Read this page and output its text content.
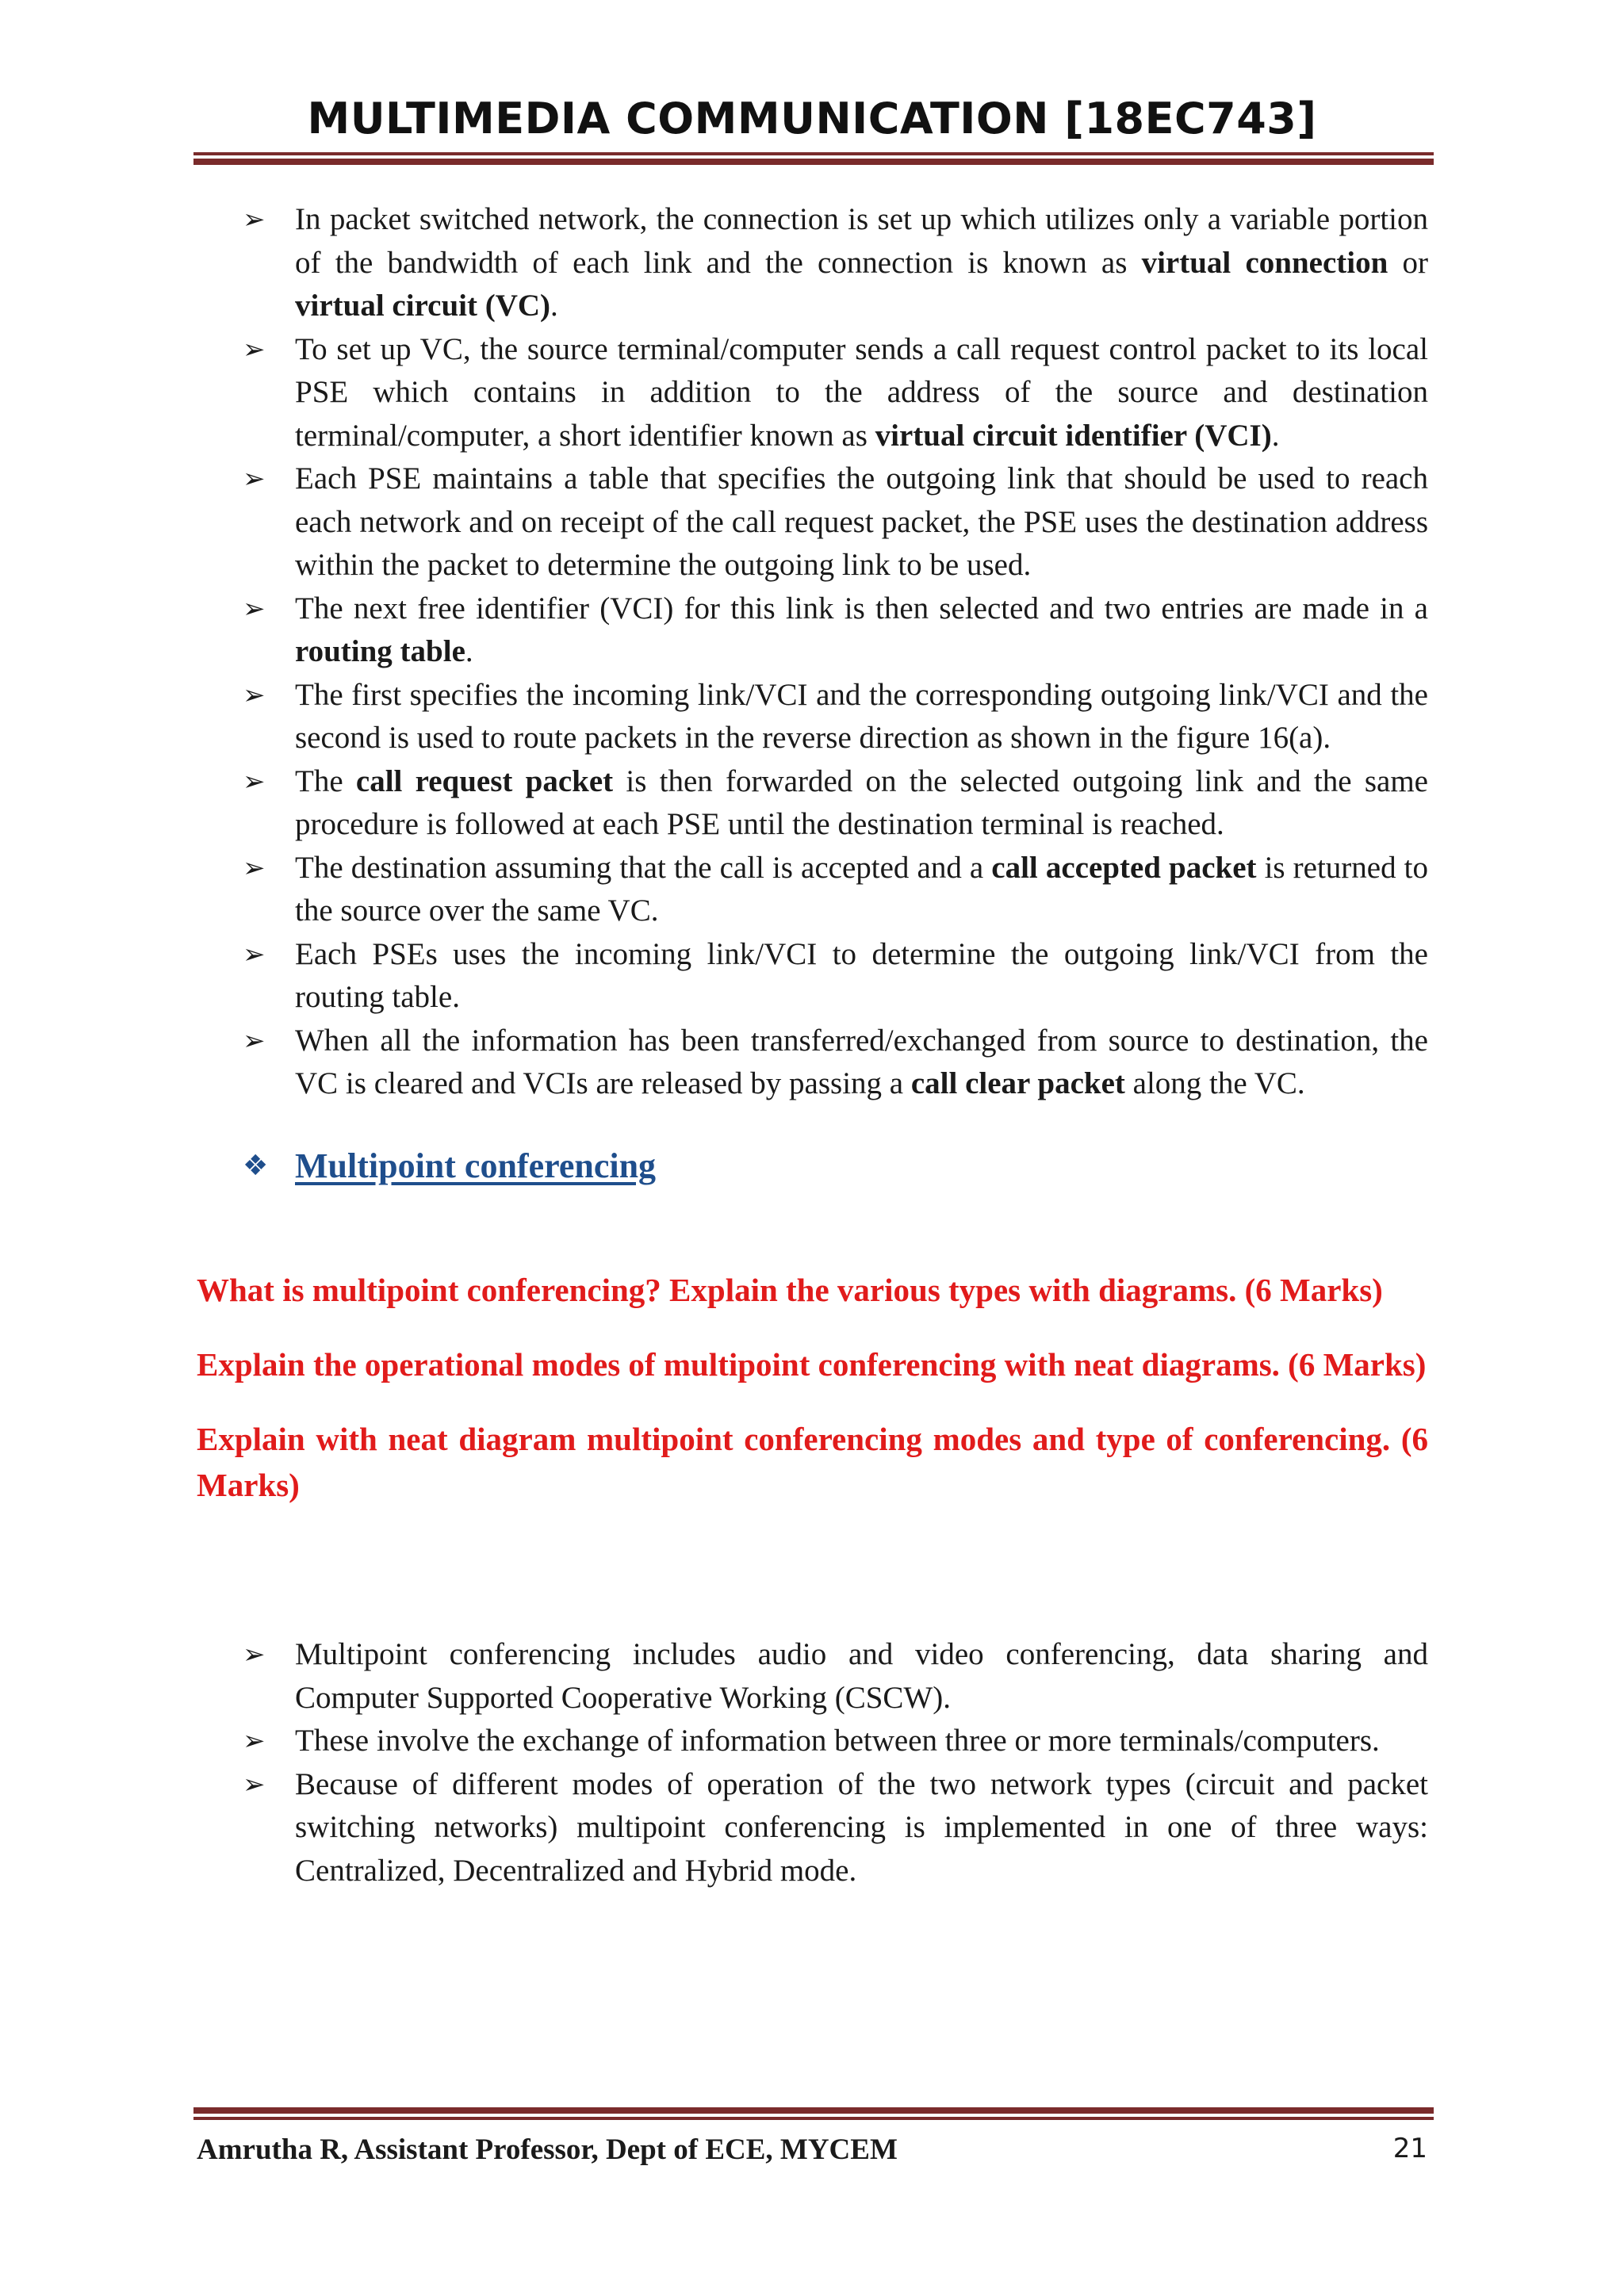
MULTIMEDIA COMMUNICATION [18EC743]
➢ In packet switched network, the connection is set up which utilizes only a variable portion of the bandwidth of each link and the connection is known as virtual connection or virtual circuit (VC).
➢ To set up VC, the source terminal/computer sends a call request control packet to its local PSE which contains in addition to the address of the source and destination terminal/computer, a short identifier known as virtual circuit identifier (VCI).
➢ Each PSE maintains a table that specifies the outgoing link that should be used to reach each network and on receipt of the call request packet, the PSE uses the destination address within the packet to determine the outgoing link to be used.
➢ The next free identifier (VCI) for this link is then selected and two entries are made in a routing table.
➢ The first specifies the incoming link/VCI and the corresponding outgoing link/VCI and the second is used to route packets in the reverse direction as shown in the figure 16(a).
➢ The call request packet is then forwarded on the selected outgoing link and the same procedure is followed at each PSE until the destination terminal is reached.
➢ The destination assuming that the call is accepted and a call accepted packet is returned to the source over the same VC.
➢ Each PSEs uses the incoming link/VCI to determine the outgoing link/VCI from the routing table.
➢ When all the information has been transferred/exchanged from source to destination, the VC is cleared and VCIs are released by passing a call clear packet along the VC.
❖ Multipoint conferencing
What is multipoint conferencing? Explain the various types with diagrams. (6 Marks)
Explain the operational modes of multipoint conferencing with neat diagrams. (6 Marks)
Explain with neat diagram multipoint conferencing modes and type of conferencing. (6 Marks)
➢ Multipoint conferencing includes audio and video conferencing, data sharing and Computer Supported Cooperative Working (CSCW).
➢ These involve the exchange of information between three or more terminals/computers.
➢ Because of different modes of operation of the two network types (circuit and packet switching networks) multipoint conferencing is implemented in one of three ways: Centralized, Decentralized and Hybrid mode.
Amrutha R, Assistant Professor, Dept of ECE, MYCEM	21
